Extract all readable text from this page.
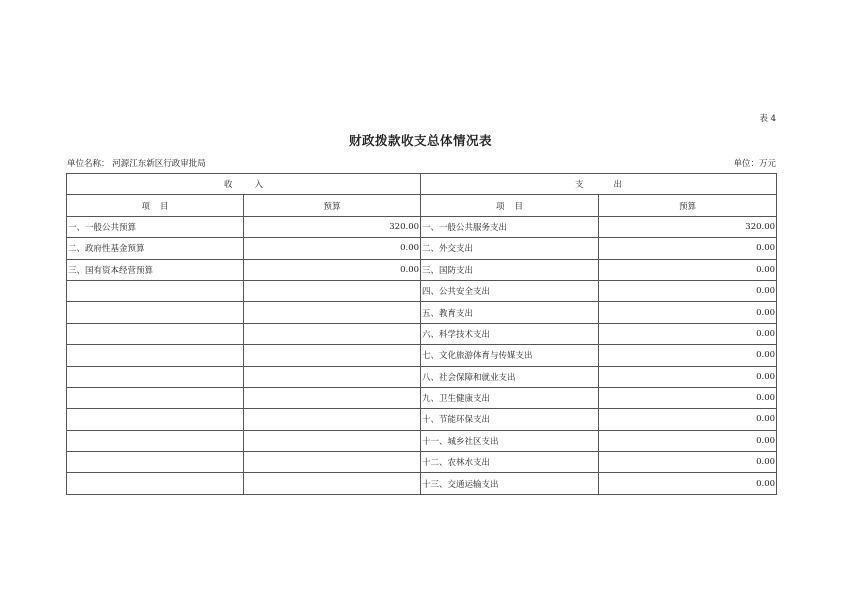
表 4
财政拨款收支总体情况表
单位名称： 河源江东新区行政审批局	单位：万元
收入		支出	
项目	预算	项目	预算
一、一般公共预算	320.00	一、一般公共服务支出	320.00
二、政府性基金预算	0.00	二、外交支出	0.00
三、国有资本经营预算	0.00	三、国防支出	0.00
		四、公共安全支出	0.00
		五、教育支出	0.00
		六、科学技术支出	0.00
		七、文化旅游体育与传媒支出	0.00
		八、社会保障和就业支出	0.00
		九、卫生健康支出	0.00
		十、节能环保支出	0.00
		十一、城乡社区支出	0.00
		十二、农林水支出	0.00
		十三、交通运输支出	0.00
